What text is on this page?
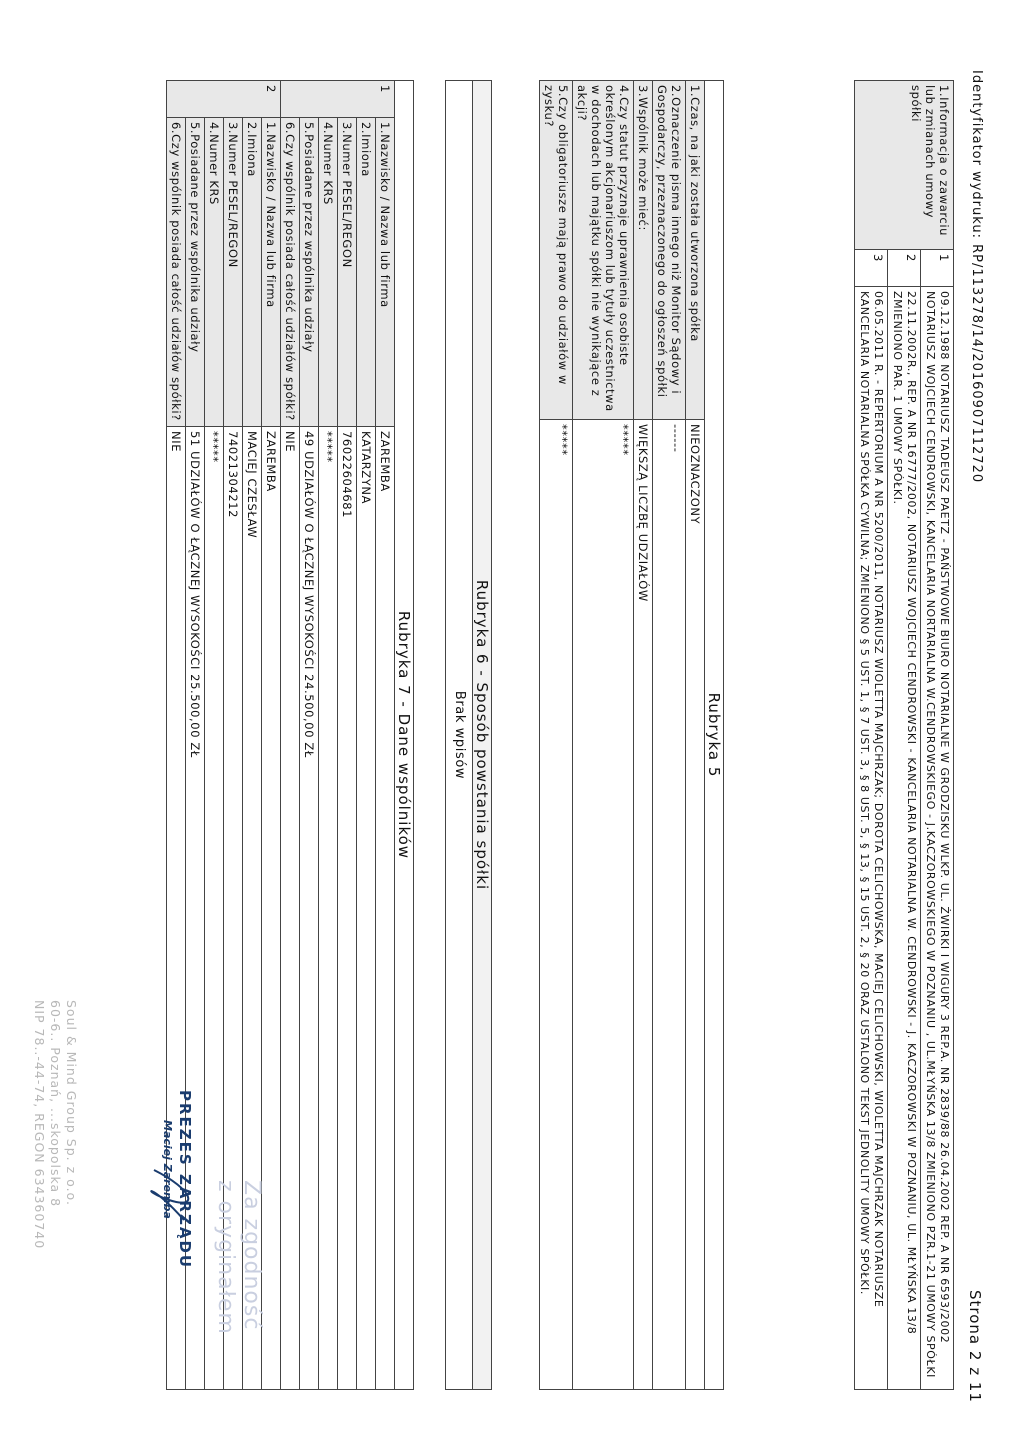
Identyfikator wydruku: RP/113278/14/20160907112720
Strona 2 z 11
1.Informacja o zawarciu lub zmianach umowy spółki	1	09.12.1988 NOTARIUSZ TADEUSZ PAETZ - PAŃSTWOWE BIURO NOTARIALNE W GRODZISKU WLKP. UL. ŻWIRKI I WIGURY 3 REP.A. NR 2839/88 26.04.2002 REP. A NR 6593/2002 NOTARIUSZ WOJCIECH CENDROWSKI, KANCELARIA NORTARIALNA W.CENDROWSKIEGO - J.KACZOROWSKIEGO W POZNANIU , UL.MŁYŃSKA 13/8 ZMIENIONO PZR.1-21 UMOWY SPÓŁKI
	2	22.11.2002R., REP. A NR 16777/2002, NOTARIUSZ WOJCIECH CENDROWSKI - KANCELARIA NOTARIALNA W. CENDROWSKI - J. KACZOROWSKI W POZNANIU, UL. MŁYŃSKA 13/8 ZMIENIONO PAR. 1 UMOWY SPÓŁKI.
	3	06.05.2011 R. - REPERTORIUM A NR 5200/2011, NOTARIUSZ WIOLETTA MAJCHRZAK; DOROTA CELICHOWSKA, MACIEJ CELICHOWSKI, WIOLETTA MAJCHRZAK NOTARIUSZE KANCELARIA NOTARIALNA SPÓŁKA CYWILNA; ZMIENIONO § 5 UST. 1, § 7 UST. 3, § 8 UST. 5, § 13, § 15 UST. 2, § 20 ORAZ USTALONO TEKST JEDNOLITY UMOWY SPÓŁKI.
Rubryka 5	
1.Czas, na jaki została utworzona spółka	NIEOZNACZONY
2.Oznaczenie pisma innego niż Monitor Sądowy i Gospodarczy, przeznaczonego do ogłoszeń spółki	------
3.Wspólnik może mieć:	WIĘKSZĄ LICZBĘ UDZIAŁÓW
4.Czy statut przyznaje uprawnienia osobiste określonym akcjonariuszom lub tytuły uczestnictwa w dochodach lub majątku spółki nie wynikające z akcji?	*****
5.Czy obligatoriusze mają prawo do udziałów w zysku?	*****
Rubryka 6 - Sposób powstania spółki
Brak wpisów
Rubryka 7 - Dane wspólników		
1	1.Nazwisko / Nazwa lub firma	ZAREMBA
	2.Imiona	KATARZYNA
	3.Numer PESEL/REGON	76022604681
	4.Numer KRS	*****
	5.Posiadane przez wspólnika udziały	49 UDZIAŁÓW O ŁĄCZNEJ WYSOKOŚCI 24.500,00 ZŁ
	6.Czy wspólnik posiada całość udziałów spółki?	NIE
2	1.Nazwisko / Nazwa lub firma	ZAREMBA
	2.Imiona	MACIEJ CZESŁAW
	3.Numer PESEL/REGON	74021304212
	4.Numer KRS	*****
	5.Posiadane przez wspólnika udziały	51 UDZIAŁÓW O ŁĄCZNEJ WYSOKOŚCI 25.500,00 ZŁ
	6.Czy wspólnik posiada całość udziałów spółki?	NIE
Za zgodność
z oryginałem
PREZES ZARZĄDU
Maciej Zaremba
Soul & Mind Group Sp. z o.o.
60-6.. Poznań, ...skopolska 8
NIP 78..-44-74, REGON 634360740
